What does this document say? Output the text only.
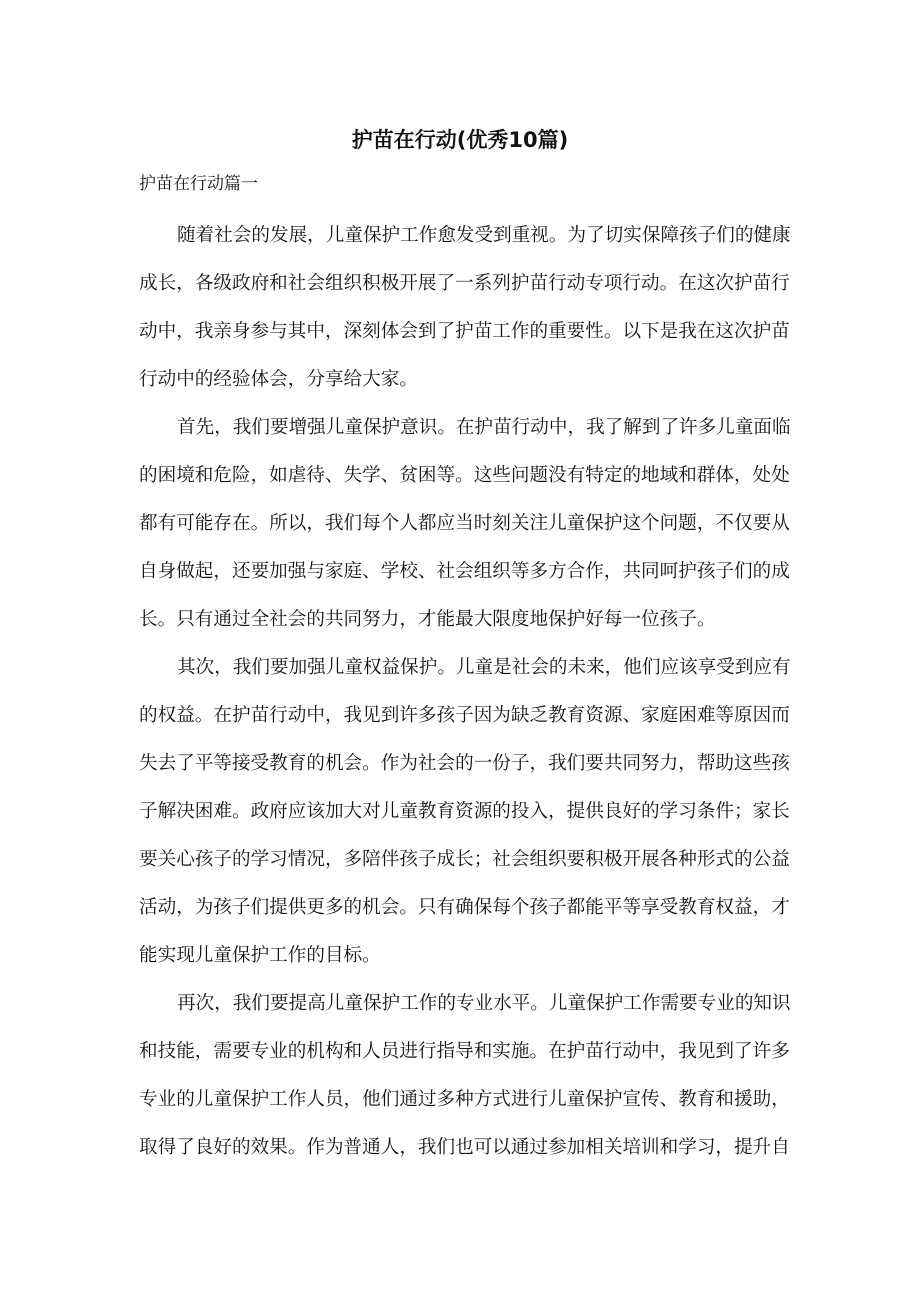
护苗在行动(优秀10篇)
护苗在行动篇一
随着社会的发展，儿童保护工作愈发受到重视。为了切实保障孩子们的健康
成长，各级政府和社会组织积极开展了一系列护苗行动专项行动。在这次护苗行
动中，我亲身参与其中，深刻体会到了护苗工作的重要性。以下是我在这次护苗
行动中的经验体会，分享给大家。
首先，我们要增强儿童保护意识。在护苗行动中，我了解到了许多儿童面临
的困境和危险，如虐待、失学、贫困等。这些问题没有特定的地域和群体，处处
都有可能存在。所以，我们每个人都应当时刻关注儿童保护这个问题，不仅要从
自身做起，还要加强与家庭、学校、社会组织等多方合作，共同呵护孩子们的成
长。只有通过全社会的共同努力，才能最大限度地保护好每一位孩子。
其次，我们要加强儿童权益保护。儿童是社会的未来，他们应该享受到应有
的权益。在护苗行动中，我见到许多孩子因为缺乏教育资源、家庭困难等原因而
失去了平等接受教育的机会。作为社会的一份子，我们要共同努力，帮助这些孩
子解决困难。政府应该加大对儿童教育资源的投入，提供良好的学习条件；家长
要关心孩子的学习情况，多陪伴孩子成长；社会组织要积极开展各种形式的公益
活动，为孩子们提供更多的机会。只有确保每个孩子都能平等享受教育权益，才
能实现儿童保护工作的目标。
再次，我们要提高儿童保护工作的专业水平。儿童保护工作需要专业的知识
和技能，需要专业的机构和人员进行指导和实施。在护苗行动中，我见到了许多
专业的儿童保护工作人员，他们通过多种方式进行儿童保护宣传、教育和援助，
取得了良好的效果。作为普通人，我们也可以通过参加相关培训和学习，提升自
